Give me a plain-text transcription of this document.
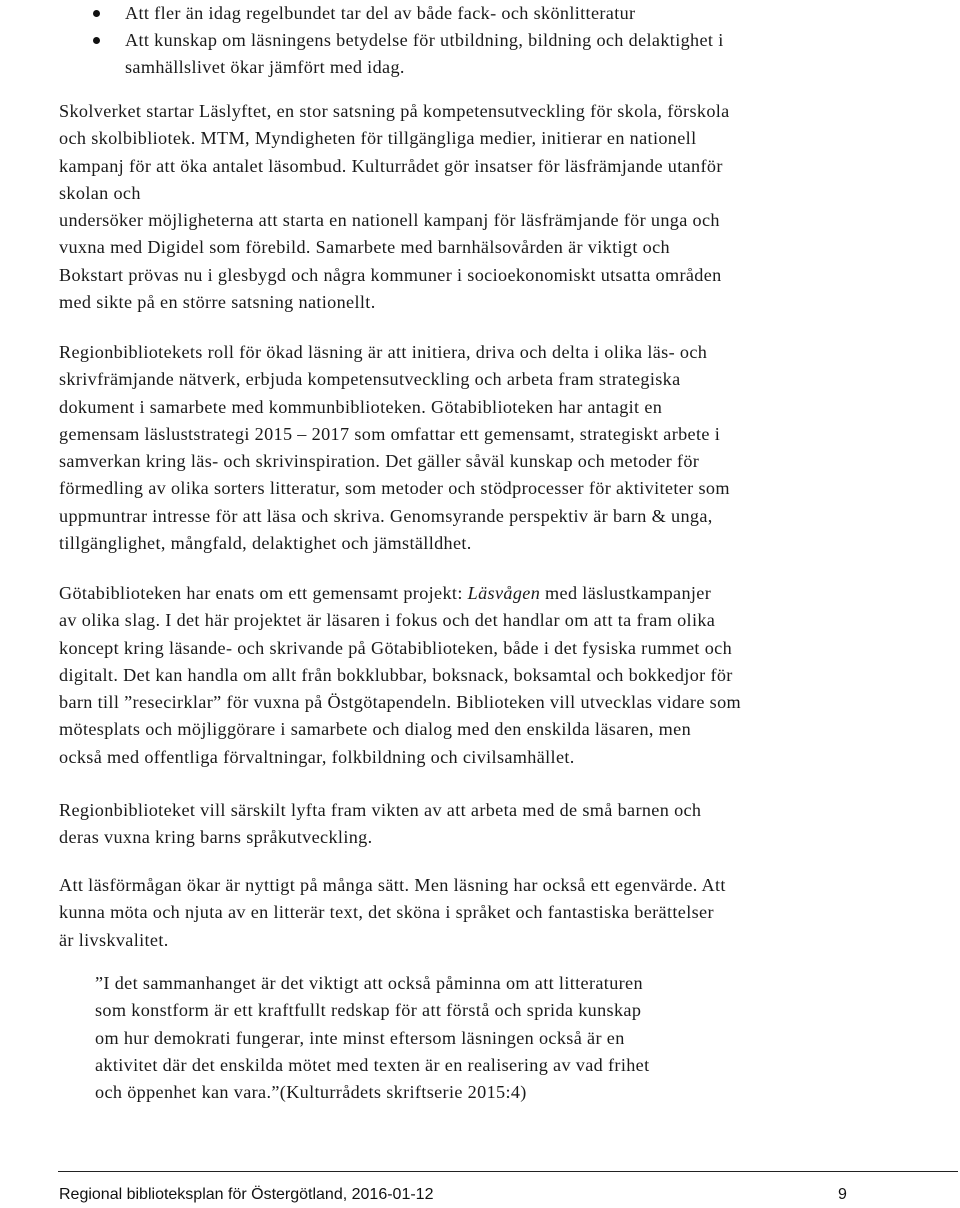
Att fler än idag regelbundet tar del av både fack- och skönlitteratur
Att kunskap om läsningens betydelse för utbildning, bildning och delaktighet i
samhällslivet ökar jämfört med idag.

Skolverket startar Läslyftet, en stor satsning på kompetensutveckling för skola, förskola
och skolbibliotek. MTM, Myndigheten för tillgängliga medier, initierar en nationell
kampanj för att öka antalet läsombud. Kulturrådet gör insatser för läsfrämjande utanför
skolan och
undersöker möjligheterna att starta en nationell kampanj för läsfrämjande för unga och
vuxna med Digidel som förebild. Samarbete med barnhälsovården är viktigt och
Bokstart prövas nu i glesbygd och några kommuner i socioekonomiskt utsatta områden
med sikte på en större satsning nationellt.

Regionbibliotekets roll för ökad läsning är att initiera, driva och delta i olika läs- och
skrivfrämjande nätverk, erbjuda kompetensutveckling och arbeta fram strategiska
dokument i samarbete med kommunbiblioteken. Götabiblioteken har antagit en
gemensam läsluststrategi 2015 – 2017 som omfattar ett gemensamt, strategiskt arbete i
samverkan kring läs- och skrivinspiration. Det gäller såväl kunskap och metoder för
förmedling av olika sorters litteratur, som metoder och stödprocesser för aktiviteter som
uppmuntrar intresse för att läsa och skriva. Genomsyrande perspektiv är barn & unga,
tillgänglighet, mångfald, delaktighet och jämställdhet.

Götabiblioteken har enats om ett gemensamt projekt: Läsvågen med läslustkampanjer
av olika slag. I det här projektet är läsaren i fokus och det handlar om att ta fram olika
koncept kring läsande- och skrivande på Götabiblioteken, både i det fysiska rummet och
digitalt. Det kan handla om allt från bokklubbar, boksnack, boksamtal och bokkedjor för
barn till ”resecirklar” för vuxna på Östgötapendeln. Biblioteken vill utvecklas vidare som
mötesplats och möjliggörare i samarbete och dialog med den enskilda läsaren, men
också med offentliga förvaltningar, folkbildning och civilsamhället.

Regionbiblioteket vill särskilt lyfta fram vikten av att arbeta med de små barnen och
deras vuxna kring barns språkutveckling.

Att läsförmågan ökar är nyttigt på många sätt. Men läsning har också ett egenvärde. Att
kunna möta och njuta av en litterär text, det sköna i språket och fantastiska berättelser
är livskvalitet.

”I det sammanhanget är det viktigt att också påminna om att litteraturen
som konstform är ett kraftfullt redskap för att förstå och sprida kunskap
om hur demokrati fungerar, inte minst eftersom läsningen också är en
aktivitet där det enskilda mötet med texten är en realisering av vad frihet
och öppenhet kan vara.”(Kulturrådets skriftserie 2015:4)
Regional biblioteksplan för Östergötland, 2016-01-12	9
